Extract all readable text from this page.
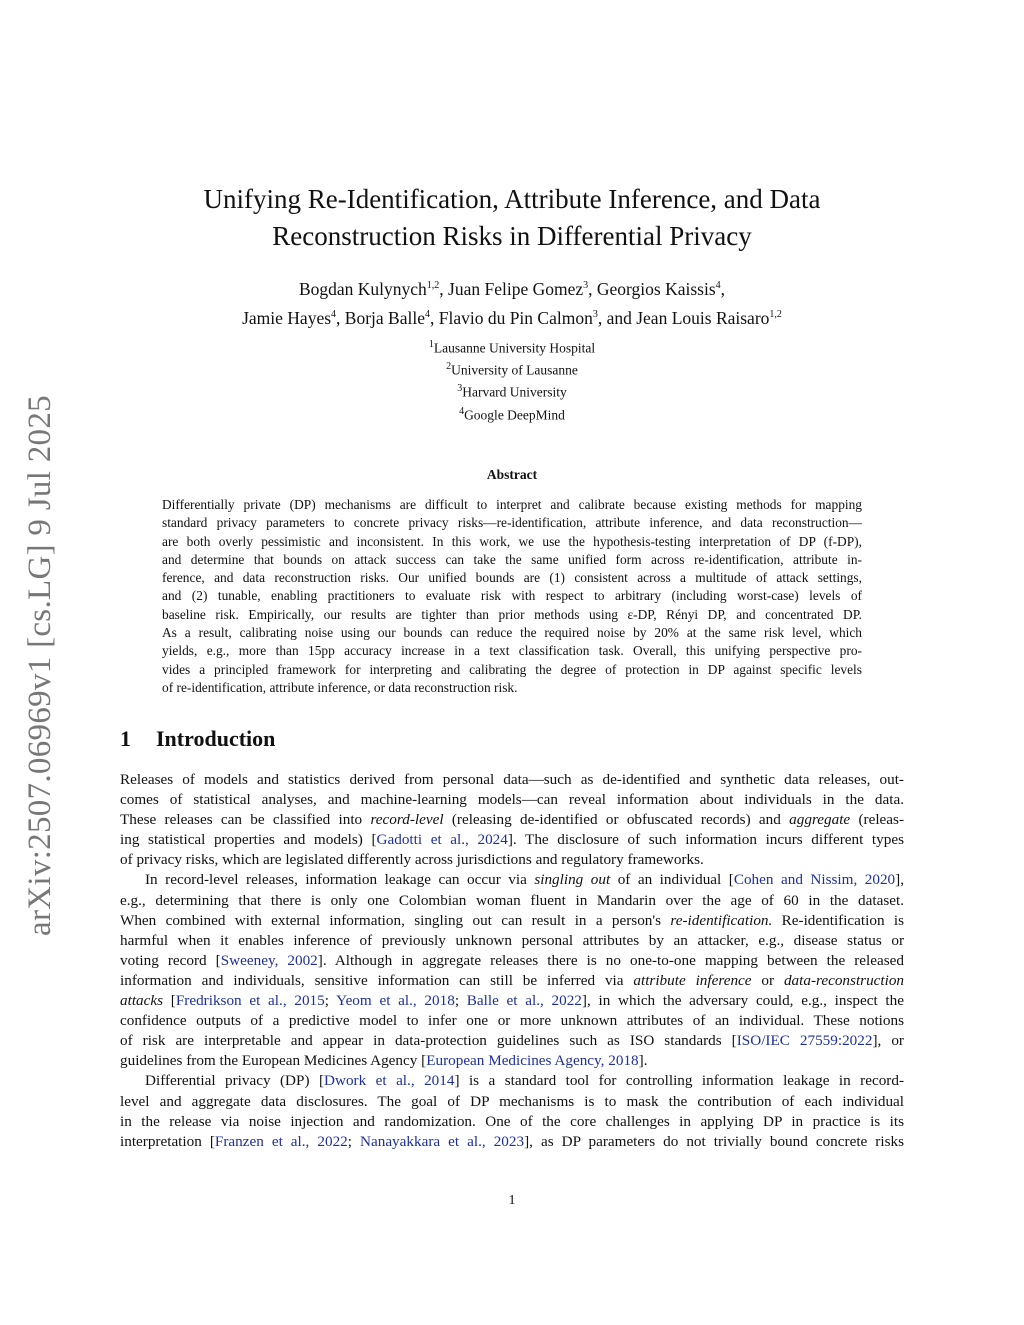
arXiv:2507.06969v1 [cs.LG] 9 Jul 2025
Unifying Re-Identification, Attribute Inference, and Data
Reconstruction Risks in Differential Privacy
Bogdan Kulynych$^{1,2}$, Juan Felipe Gomez$^3$, Georgios Kaissis$^4$,
Jamie Hayes$^4$, Borja Balle$^4$, Flavio du Pin Calmon$^3$, and Jean Louis Raisaro$^{1,2}$
$^1$Lausanne University Hospital
$^2$University of Lausanne
$^3$Harvard University
$^4$Google DeepMind
Abstract
Differentially private (DP) mechanisms are difficult to interpret and calibrate because existing methods for mapping
standard privacy parameters to concrete privacy risks—re-identification, attribute inference, and data reconstruction—
are both overly pessimistic and inconsistent. In this work, we use the hypothesis-testing interpretation of DP (f-DP),
and determine that bounds on attack success can take the same unified form across re-identification, attribute in-
ference, and data reconstruction risks. Our unified bounds are (1) consistent across a multitude of attack settings,
and (2) tunable, enabling practitioners to evaluate risk with respect to arbitrary (including worst-case) levels of
baseline risk. Empirically, our results are tighter than prior methods using ε-DP, Rényi DP, and concentrated DP.
As a result, calibrating noise using our bounds can reduce the required noise by 20% at the same risk level, which
yields, e.g., more than 15pp accuracy increase in a text classification task. Overall, this unifying perspective pro-
vides a principled framework for interpreting and calibrating the degree of protection in DP against specific levels
of re-identification, attribute inference, or data reconstruction risk.
1 Introduction
Releases of models and statistics derived from personal data—such as de-identified and synthetic data releases, out-
comes of statistical analyses, and machine-learning models—can reveal information about individuals in the data.
These releases can be classified into record-level (releasing de-identified or obfuscated records) and aggregate (releas-
ing statistical properties and models) [Gadotti et al., 2024]. The disclosure of such information incurs different types
of privacy risks, which are legislated differently across jurisdictions and regulatory frameworks.
In record-level releases, information leakage can occur via singling out of an individual [Cohen and Nissim, 2020],
e.g., determining that there is only one Colombian woman fluent in Mandarin over the age of 60 in the dataset.
When combined with external information, singling out can result in a person's re-identification. Re-identification is
harmful when it enables inference of previously unknown personal attributes by an attacker, e.g., disease status or
voting record [Sweeney, 2002]. Although in aggregate releases there is no one-to-one mapping between the released
information and individuals, sensitive information can still be inferred via attribute inference or data-reconstruction
attacks [Fredrikson et al., 2015; Yeom et al., 2018; Balle et al., 2022], in which the adversary could, e.g., inspect the
confidence outputs of a predictive model to infer one or more unknown attributes of an individual. These notions
of risk are interpretable and appear in data-protection guidelines such as ISO standards [ISO/IEC 27559:2022], or
guidelines from the European Medicines Agency [European Medicines Agency, 2018].
Differential privacy (DP) [Dwork et al., 2014] is a standard tool for controlling information leakage in record-
level and aggregate data disclosures. The goal of DP mechanisms is to mask the contribution of each individual
in the release via noise injection and randomization. One of the core challenges in applying DP in practice is its
interpretation [Franzen et al., 2022; Nanayakkara et al., 2023], as DP parameters do not trivially bound concrete risks
1
